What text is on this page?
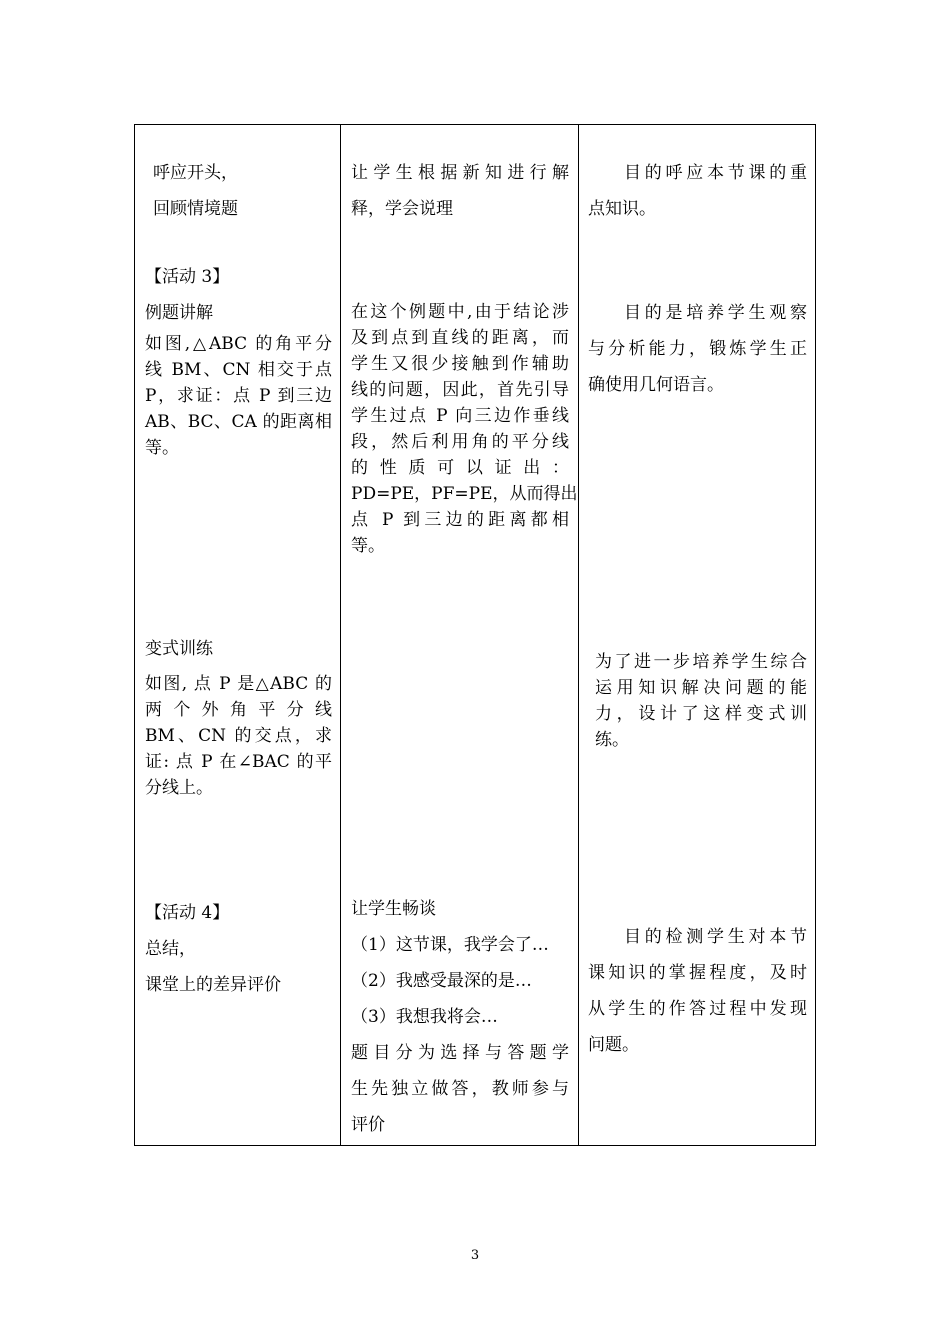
呼应开头，
回顾情境题
【活动 3】
例题讲解
如图,△ABC 的角平分
线 BM、CN 相交于点
P，求证：点 P 到三边
AB、BC、CA 的距离相
等。
变式训练
如图, 点 P 是△ABC 的
两个外角平分线
BM、CN 的交点，求
证: 点 P 在∠BAC 的平
分线上。
【活动 4】
总结，
课堂上的差异评价
让学生根据新知进行解
释，学会说理
在这个例题中,由于结论涉
及到点到直线的距离，而
学生又很少接触到作辅助
线的问题，因此，首先引导
学生过点 P 向三边作垂线
段，然后利用角的平分线
的性质可以证出：
PD=PE，PF=PE，从而得出
点 P 到三边的距离都相
等。
让学生畅谈
（1）这节课，我学会了…
（2）我感受最深的是…
（3）我想我将会…
题目分为选择与答题学
生先独立做答，教师参与
评价
目的呼应本节课的重
点知识。
目的是培养学生观察
与分析能力，锻炼学生正
确使用几何语言。
为了进一步培养学生综合
运用知识解决问题的能
力，设计了这样变式训
练。
目的检测学生对本节
课知识的掌握程度，及时
从学生的作答过程中发现
问题。
3
